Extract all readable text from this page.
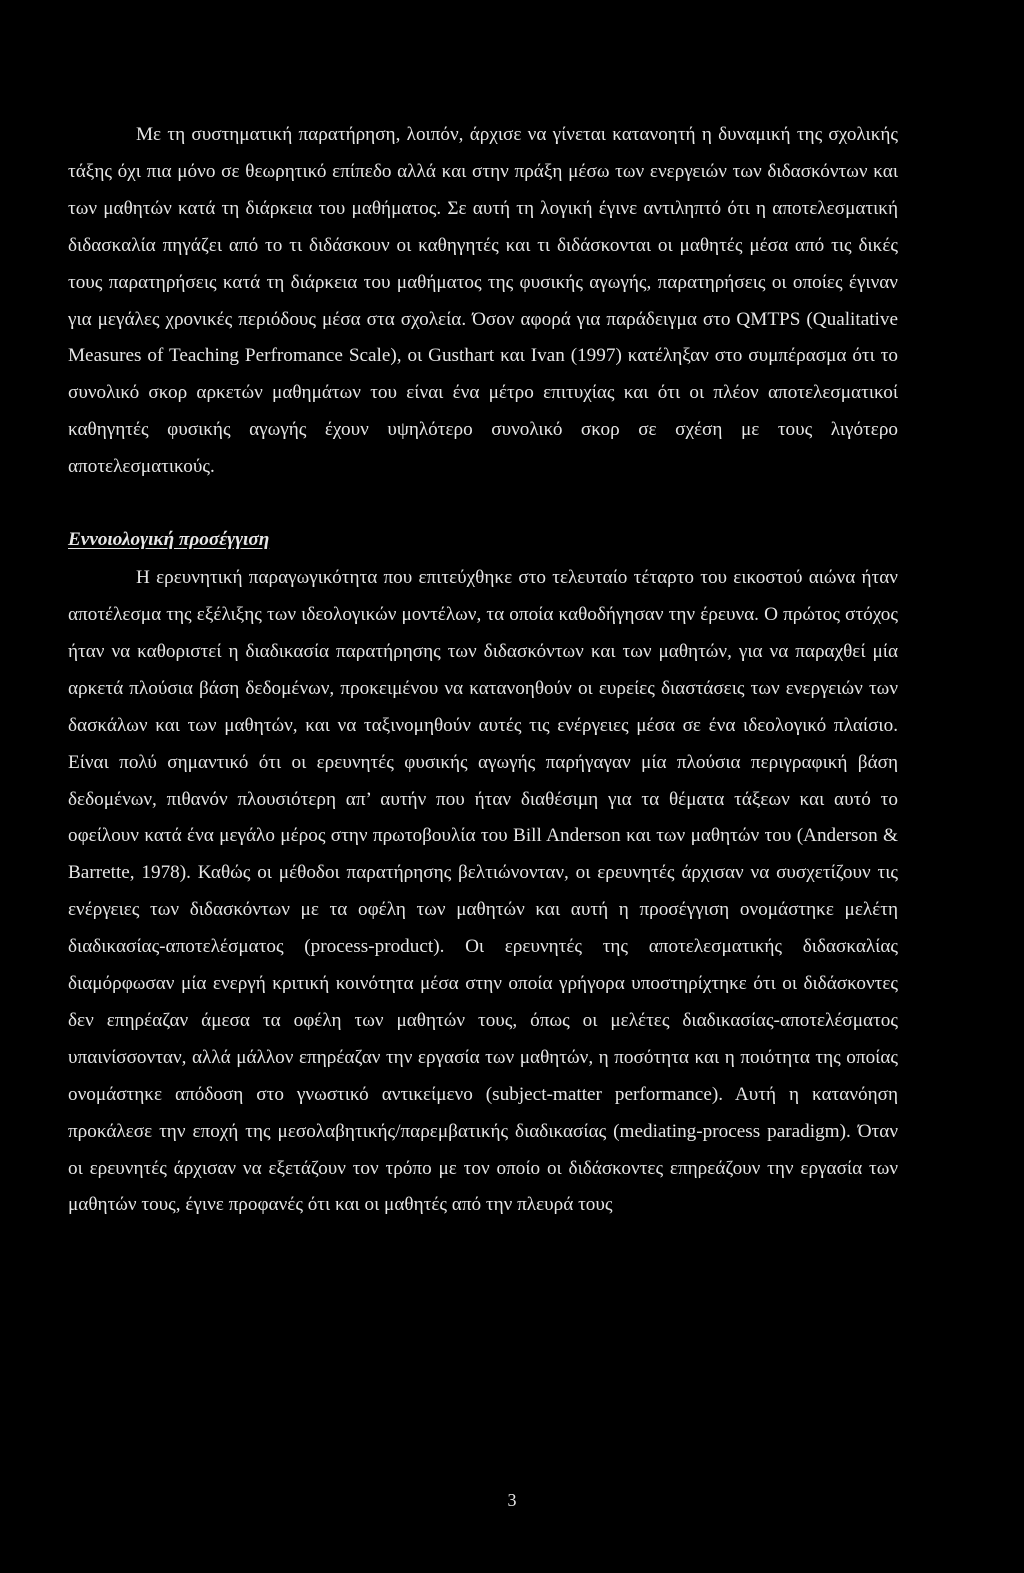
Με τη συστηματική παρατήρηση, λοιπόν, άρχισε να γίνεται κατανοητή η δυναμική της σχολικής τάξης όχι πια μόνο σε θεωρητικό επίπεδο αλλά και στην πράξη μέσω των ενεργειών των διδασκόντων και των μαθητών κατά τη διάρκεια του μαθήματος. Σε αυτή τη λογική έγινε αντιληπτό ότι η αποτελεσματική διδασκαλία πηγάζει από το τι διδάσκουν οι καθηγητές και τι διδάσκονται οι μαθητές μέσα από τις δικές τους παρατηρήσεις κατά τη διάρκεια του μαθήματος της φυσικής αγωγής, παρατηρήσεις οι οποίες έγιναν για μεγάλες χρονικές περιόδους μέσα στα σχολεία. Όσον αφορά για παράδειγμα στο QMTPS (Qualitative Measures of Teaching Perfromance Scale), οι Gusthart και Ivan (1997) κατέληξαν στο συμπέρασμα ότι το συνολικό σκορ αρκετών μαθημάτων του είναι ένα μέτρο επιτυχίας και ότι οι πλέον αποτελεσματικοί καθηγητές φυσικής αγωγής έχουν υψηλότερο συνολικό σκορ σε σχέση με τους λιγότερο αποτελεσματικούς.

Εννοιολογική προσέγγιση

Η ερευνητική παραγωγικότητα που επιτεύχθηκε στο τελευταίο τέταρτο του εικοστού αιώνα ήταν αποτέλεσμα της εξέλιξης των ιδεολογικών μοντέλων, τα οποία καθοδήγησαν την έρευνα. Ο πρώτος στόχος ήταν να καθοριστεί η διαδικασία παρατήρησης των διδασκόντων και των μαθητών, για να παραχθεί μία αρκετά πλούσια βάση δεδομένων, προκειμένου να κατανοηθούν οι ευρείες διαστάσεις των ενεργειών των δασκάλων και των μαθητών, και να ταξινομηθούν αυτές τις ενέργειες μέσα σε ένα ιδεολογικό πλαίσιο. Είναι πολύ σημαντικό ότι οι ερευνητές φυσικής αγωγής παρήγαγαν μία πλούσια περιγραφική βάση δεδομένων, πιθανόν πλουσιότερη απ’ αυτήν που ήταν διαθέσιμη για τα θέματα τάξεων και αυτό το οφείλουν κατά ένα μεγάλο μέρος στην πρωτοβουλία του Bill Anderson και των μαθητών του (Anderson & Barrette, 1978). Καθώς οι μέθοδοι παρατήρησης βελτιώνονταν, οι ερευνητές άρχισαν να συσχετίζουν τις ενέργειες των διδασκόντων με τα οφέλη των μαθητών και αυτή η προσέγγιση ονομάστηκε μελέτη διαδικασίας-αποτελέσματος (process-product). Οι ερευνητές της αποτελεσματικής διδασκαλίας διαμόρφωσαν μία ενεργή κριτική κοινότητα μέσα στην οποία γρήγορα υποστηρίχτηκε ότι οι διδάσκοντες δεν επηρέαζαν άμεσα τα οφέλη των μαθητών τους, όπως οι μελέτες διαδικασίας-αποτελέσματος υπαινίσσονταν, αλλά μάλλον επηρέαζαν την εργασία των μαθητών, η ποσότητα και η ποιότητα της οποίας ονομάστηκε απόδοση στο γνωστικό αντικείμενο (subject-matter performance). Αυτή η κατανόηση προκάλεσε την εποχή της μεσολαβητικής/παρεμβατικής διαδικασίας (mediating-process paradigm). Όταν οι ερευνητές άρχισαν να εξετάζουν τον τρόπο με τον οποίο οι διδάσκοντες επηρεάζουν την εργασία των μαθητών τους, έγινε προφανές ότι και οι μαθητές από την πλευρά τους

3
